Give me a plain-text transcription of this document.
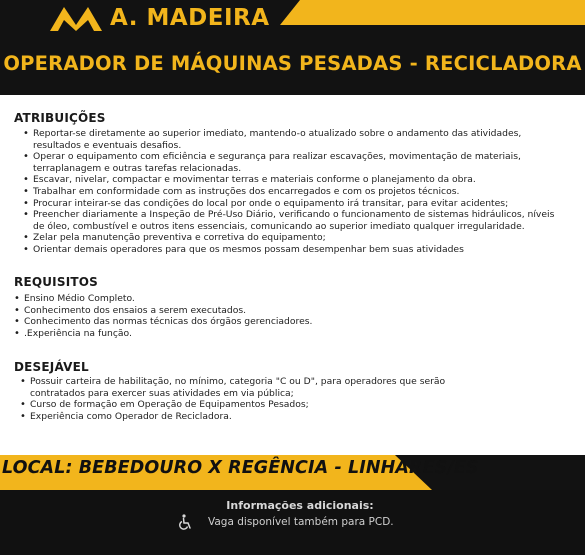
A. MADEIRA
OPERADOR DE MÁQUINAS PESADAS - RECICLADORA
ATRIBUIÇÕES
• Reportar-se diretamente ao superior imediato, mantendo-o atualizado sobre o andamento das atividades, resultados e eventuais desafios.
• Operar o equipamento com eficiência e segurança para realizar escavações, movimentação de materiais, terraplanagem e outras tarefas relacionadas.
• Escavar, nivelar, compactar e movimentar terras e materiais conforme o planejamento da obra.
• Trabalhar em conformidade com as instruções dos encarregados e com os projetos técnicos.
• Procurar inteirar-se das condições do local por onde o equipamento irá transitar, para evitar acidentes;
• Preencher diariamente a Inspeção de Pré-Uso Diário, verificando o funcionamento de sistemas hidráulicos, níveis de óleo, combustível e outros itens essenciais, comunicando ao superior imediato qualquer irregularidade.
• Zelar pela manutenção preventiva e corretiva do equipamento;
• Orientar demais operadores para que os mesmos possam desempenhar bem suas atividades
REQUISITOS
• Ensino Médio Completo.
• Conhecimento dos ensaios a serem executados.
• Conhecimento das normas técnicas dos órgãos gerenciadores.
• .Experiência na função.
DESEJÁVEL
• Possuir carteira de habilitação, no mínimo, categoria "C ou D", para operadores que serão contratados para exercer suas atividades em via pública;
• Curso de formação em Operação de Equipamentos Pesados;
• Experiência como Operador de Recicladora.
LOCAL: BEBEDOURO X REGÊNCIA - LINHARES/ES
Informações adicionais:
Vaga disponível também para PCD.
